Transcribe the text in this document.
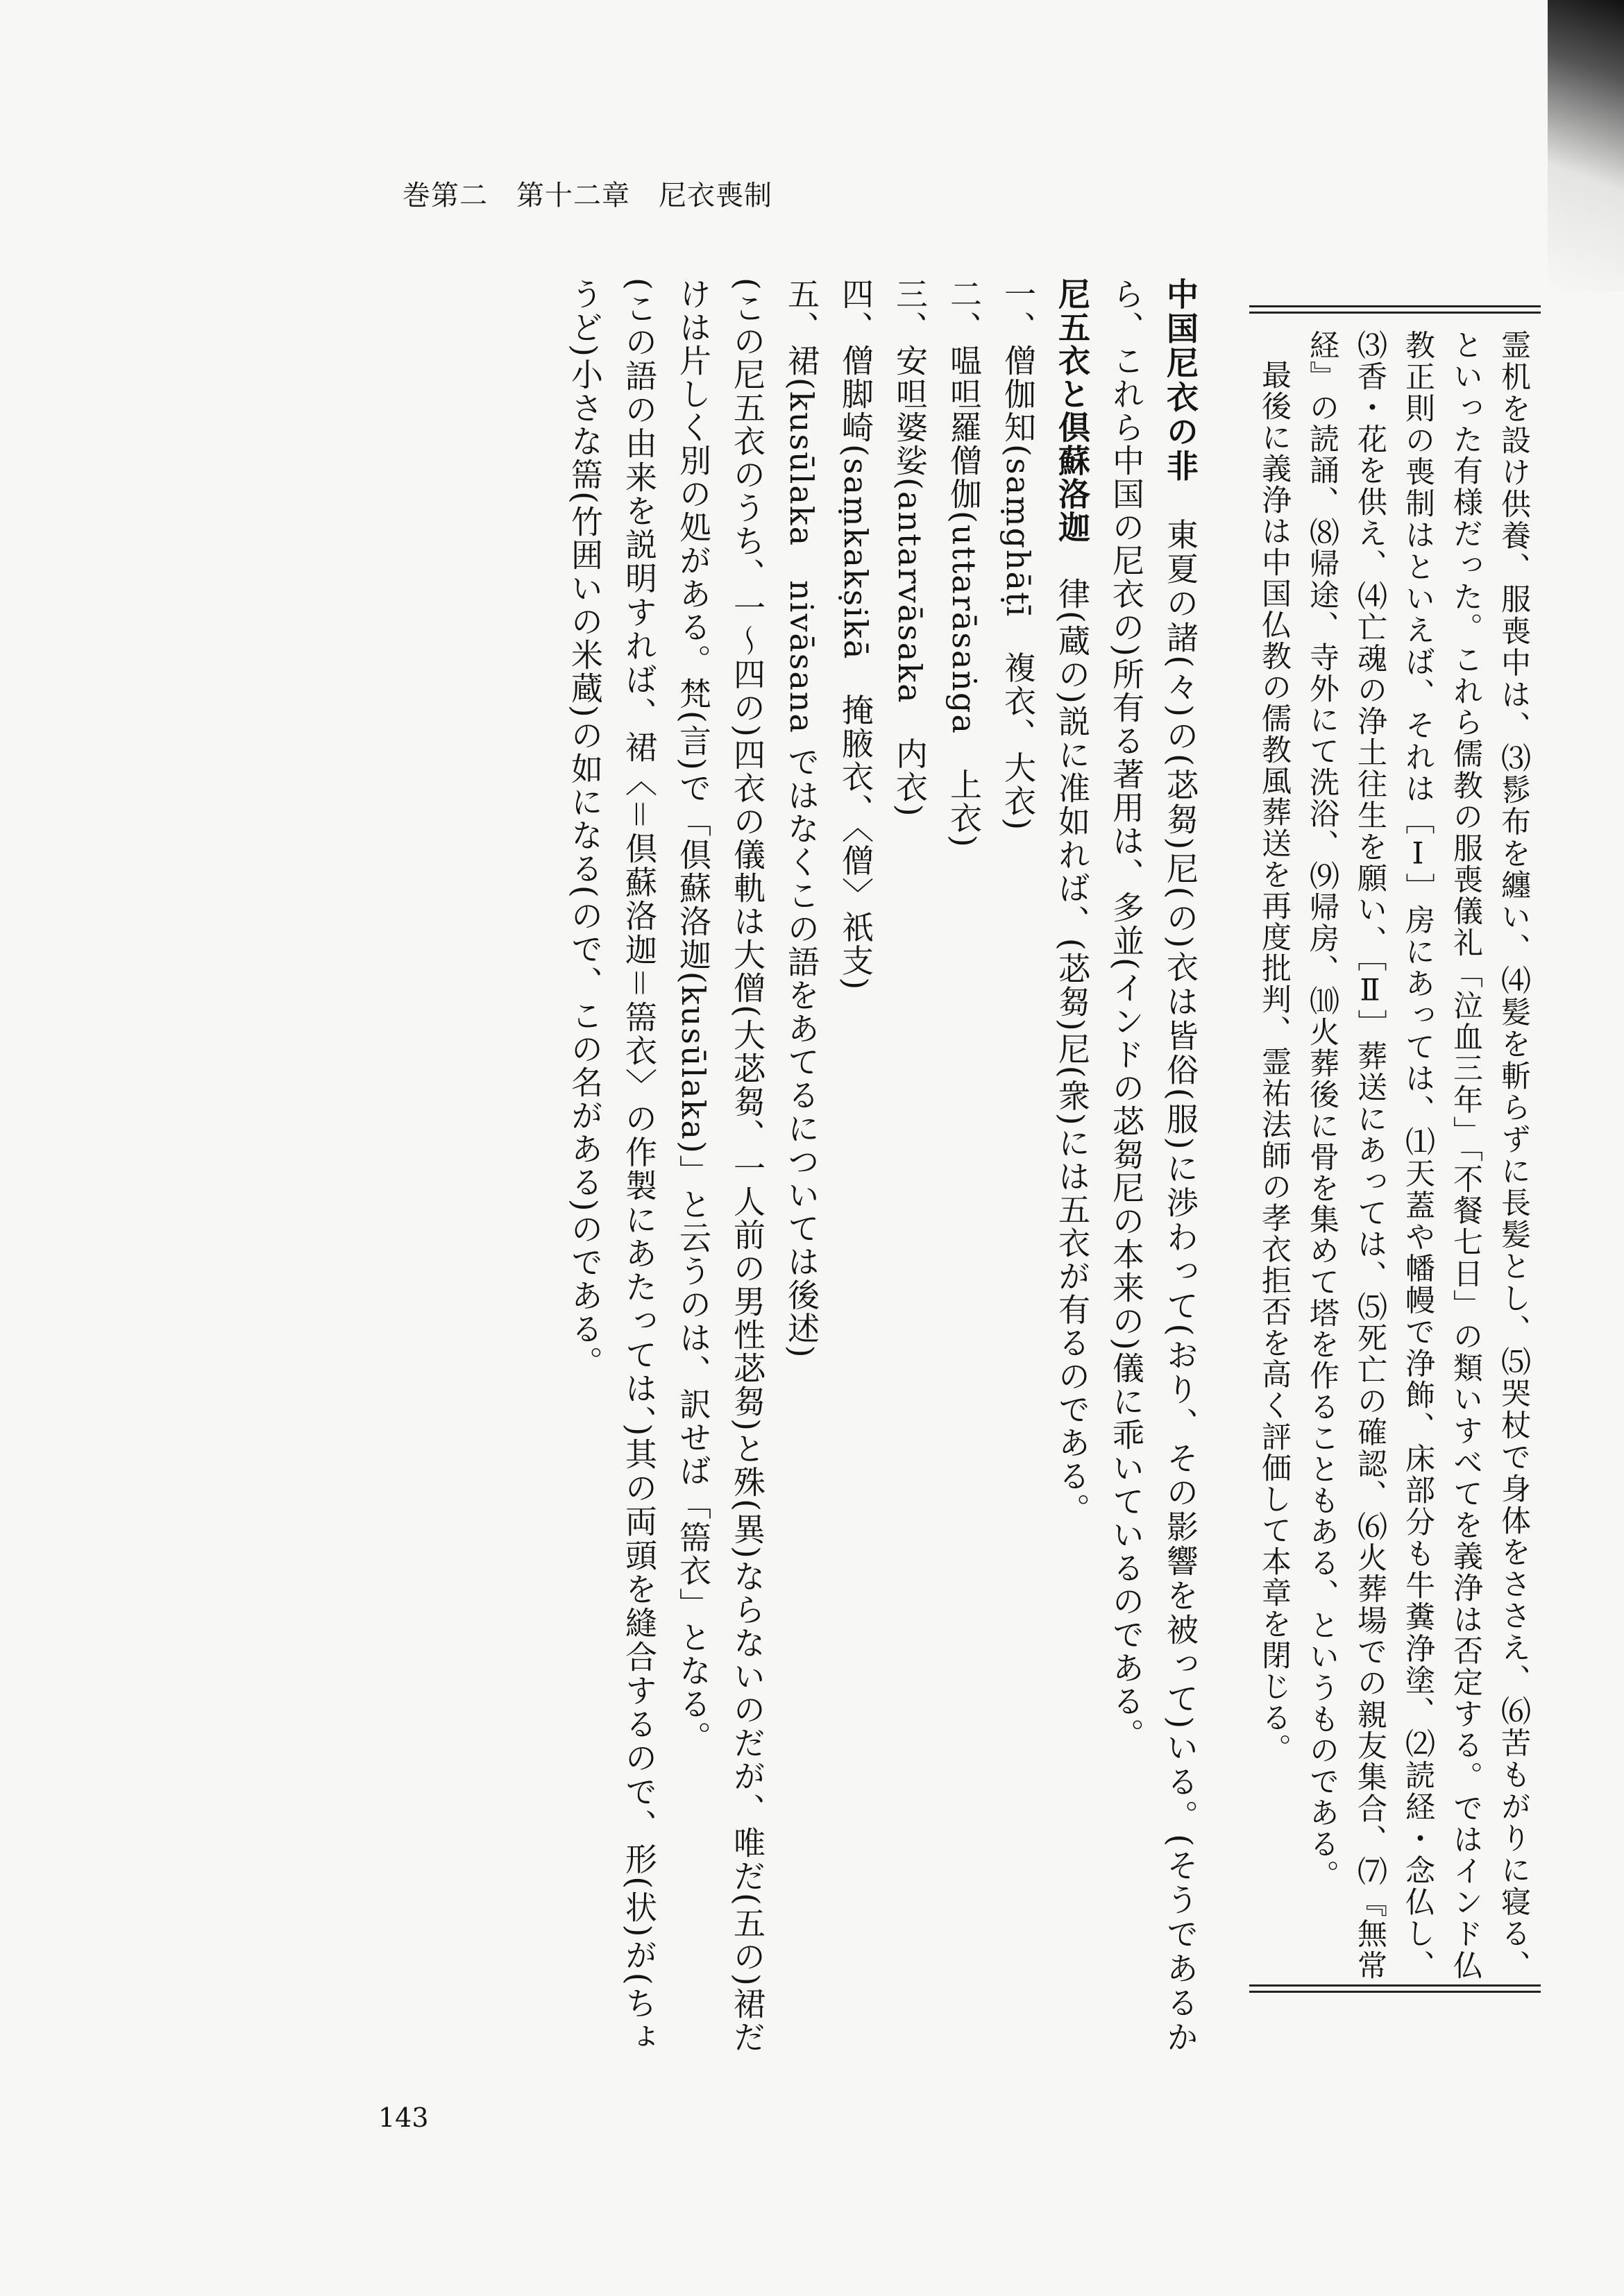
巻第二　第十二章　尼衣喪制

霊机を設け供養、服喪中は、⑶髿布を纏い、⑷髪を斬らずに長髪とし、⑸哭杖で身体をささえ、⑹苦もがりに寝る、といった有様だった。これら儒教の服喪儀礼「泣血三年」「不餐七日」の類いすべてを義浄は否定する。ではインド仏教正則の喪制はといえば、それは［Ⅰ］房にあっては、⑴天蓋や幡幔で浄飾、床部分も牛糞浄塗、⑵読経・念仏し、⑶香・花を供え、⑷亡魂の浄土往生を願い、［Ⅱ］葬送にあっては、⑸死亡の確認、⑹火葬場での親友集合、⑺『無常経』の読誦、⑻帰途、寺外にて洗浴、⑼帰房、⑽火葬後に骨を集めて塔を作ることもある、というものである。

最後に義浄は中国仏教の儒教風葬送を再度批判、霊祐法師の孝衣拒否を高く評価して本章を閉じる。

中国尼衣の非　東夏の諸(々)の(苾芻)尼(の)衣は皆俗(服)に渉わって(おり、その影響を被って)いる。(そうであるから、これら中国の尼衣の)所有る著用は、多並(インドの苾芻尼の本来の)儀に乖いているのである。

尼五衣と倶蘇洛迦　律(蔵の)説に准如れば、(苾芻)尼(衆)には五衣が有るのである。

一、僧伽知(saṃghāṭī　複衣、大衣)
二、嗢呾羅僧伽(uttarāsaṅga　上衣)
三、安呾婆娑(antarvāsaka　内衣)
四、僧脚崎(saṃkakṣikā　掩腋衣、〈僧〉祇支)
五、裙(kusūlaka　nivāsana ではなくこの語をあてるについては後述)

(この尼五衣のうち、一～四の)四衣の儀軌は大僧(大苾芻、一人前の男性苾芻)と殊(異)ならないのだが、唯だ(五の)裙だけは片しく別の処がある。梵(言)で「倶蘇洛迦(kusūlaka)」と云うのは、訳せば「篅衣」となる。

(この語の由来を説明すれば、裙〈＝倶蘇洛迦＝篅衣〉の作製にあたっては、)其の両頭を縫合するので、形(状)が(ちょうど)小さな篅(竹囲いの米蔵)の如になる(ので、この名がある)のである。

143
